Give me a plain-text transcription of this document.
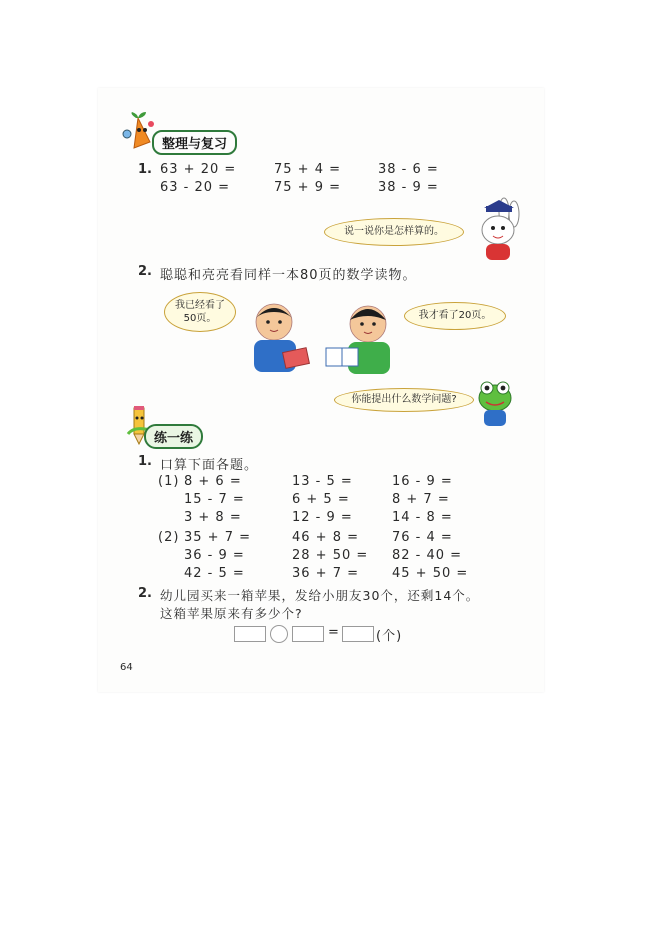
整理与复习
1. 63 + 20 =	75 + 4 =	38 - 6 =
63 - 20 =	75 + 9 =	38 - 9 =
说一说你是怎样算的。
2. 聪聪和亮亮看同样一本80页的数学读物。
我已经看了50页。	我才看了20页。
你能提出什么数学问题?
练一练
1. 口算下面各题。
(1) 8 + 6 =	13 - 5 =	16 - 9 =
15 - 7 =	6 + 5 =	8 + 7 =
3 + 8 =	12 - 9 =	14 - 8 =
(2) 35 + 7 =	46 + 8 =	76 - 4 =
36 - 9 =	28 + 50 = 82 - 40 =
42 - 5 =	36 + 7 =	45 + 50 =
2. 幼儿园买来一箱苹果，发给小朋友30个，还剩14个。
这箱苹果原来有多少个?
=	(个)
64
